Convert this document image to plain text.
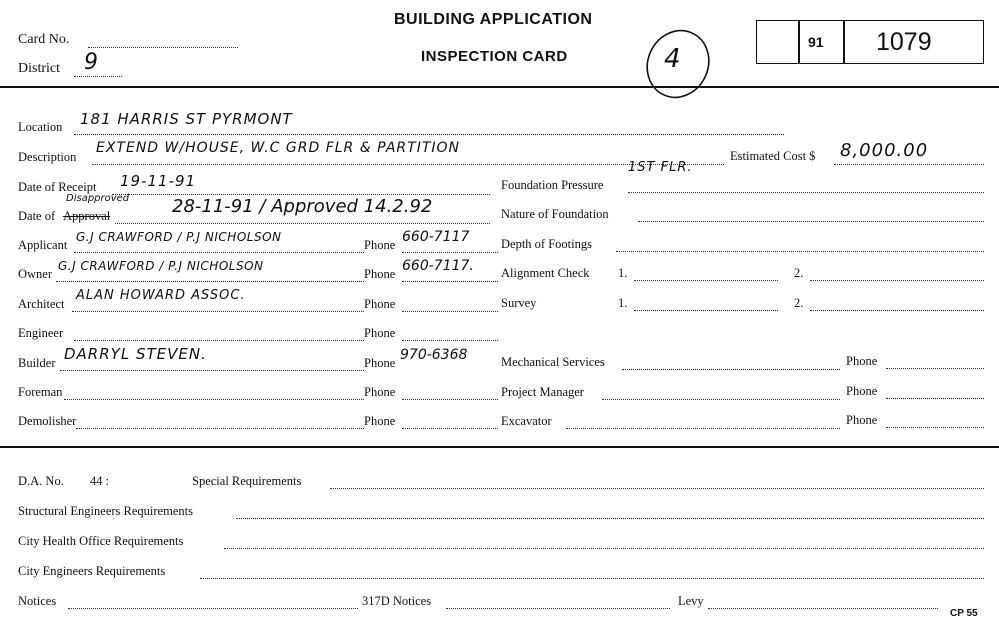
Card No.
District 9
BUILDING APPLICATION
INSPECTION CARD	4
91 1079
Location 181 HARRIS ST PYRMONT
Description
EXTEND W/HOUSE, W.C GRD FLR & PARTITION
1ST FLR.
Estimated Cost $ 8,000.00
Date of Receipt 19-11-91
Date of Approval
Disapproved 28-11-91 / Approved 14.2.92
Applicant
G.J CRAWFORD / P.J NICHOLSON
Phone 660-7117
Owner
G.J CRAWFORD / P.J NICHOLSON
Phone 660-7117.
Architect
ALAN HOWARD ASSOC.
Phone
Engineer	Phone
Builder DARRYL STEVEN.	Phone 970-6368
Foreman	Phone
Demolisher	Phone
Foundation Pressure
Nature of Foundation
Depth of Footings
Alignment Check 1.	2.
Survey	1.	2.
Mechanical Services	Phone
Project Manager	Phone
Excavator	Phone
D.A. No. 44 :	Special Requirements
Structural Engineers Requirements
City Health Office Requirements
City Engineers Requirements
Notices	317D Notices	Levy
CP 55
